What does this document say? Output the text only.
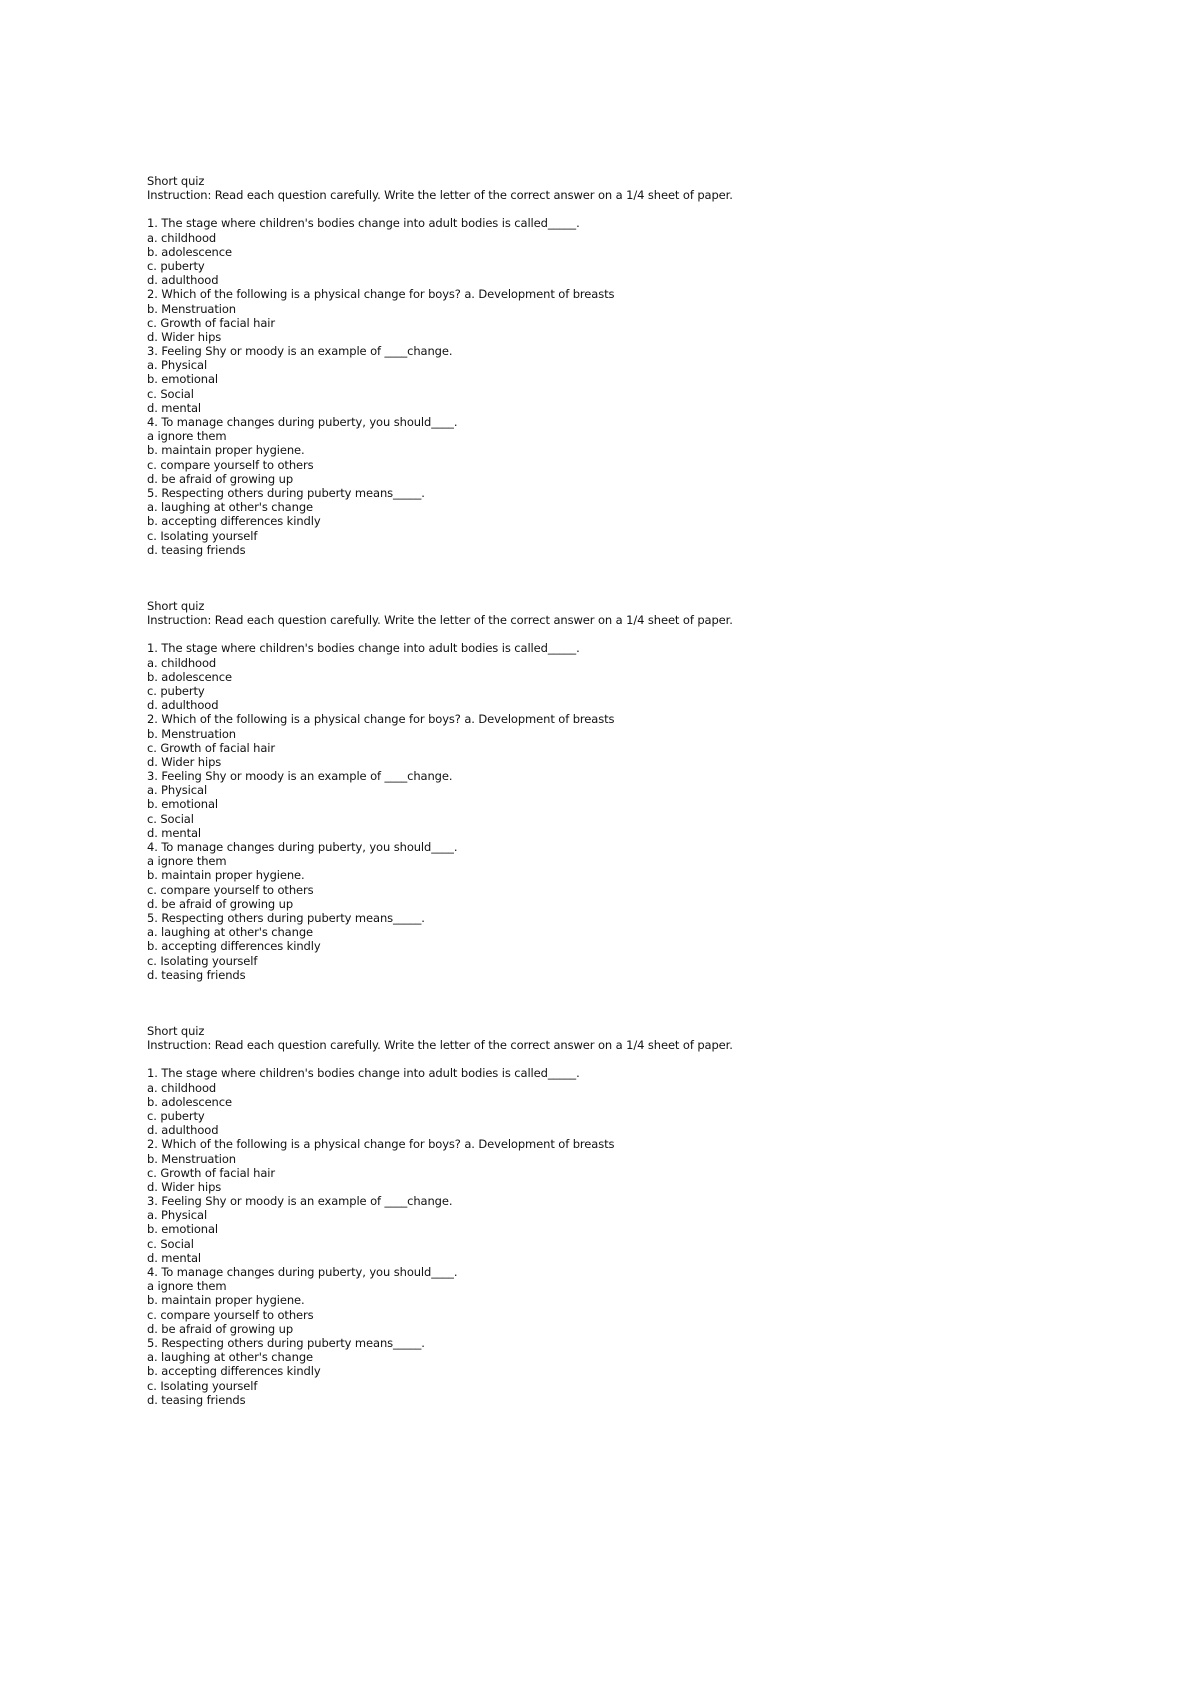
Short quiz
Instruction: Read each question carefully. Write the letter of the correct answer on a 1/4 sheet of paper.
1. The stage where children's bodies change into adult bodies is called_____.
a. childhood
b. adolescence
c. puberty
d. adulthood
2. Which of the following is a physical change for boys? a. Development of breasts
b. Menstruation
c. Growth of facial hair
d. Wider hips
3. Feeling Shy or moody is an example of ____change.
a. Physical
b. emotional
c. Social
d. mental
4. To manage changes during puberty, you should____.
a ignore them
b. maintain proper hygiene.
c. compare yourself to others
d. be afraid of growing up
5. Respecting others during puberty means_____.
a. laughing at other's change
b. accepting differences kindly
c. Isolating yourself
d. teasing friends
Short quiz
Instruction: Read each question carefully. Write the letter of the correct answer on a 1/4 sheet of paper.
1. The stage where children's bodies change into adult bodies is called_____.
a. childhood
b. adolescence
c. puberty
d. adulthood
2. Which of the following is a physical change for boys? a. Development of breasts
b. Menstruation
c. Growth of facial hair
d. Wider hips
3. Feeling Shy or moody is an example of ____change.
a. Physical
b. emotional
c. Social
d. mental
4. To manage changes during puberty, you should____.
a ignore them
b. maintain proper hygiene.
c. compare yourself to others
d. be afraid of growing up
5. Respecting others during puberty means_____.
a. laughing at other's change
b. accepting differences kindly
c. Isolating yourself
d. teasing friends
Short quiz
Instruction: Read each question carefully. Write the letter of the correct answer on a 1/4 sheet of paper.
1. The stage where children's bodies change into adult bodies is called_____.
a. childhood
b. adolescence
c. puberty
d. adulthood
2. Which of the following is a physical change for boys? a. Development of breasts
b. Menstruation
c. Growth of facial hair
d. Wider hips
3. Feeling Shy or moody is an example of ____change.
a. Physical
b. emotional
c. Social
d. mental
4. To manage changes during puberty, you should____.
a ignore them
b. maintain proper hygiene.
c. compare yourself to others
d. be afraid of growing up
5. Respecting others during puberty means_____.
a. laughing at other's change
b. accepting differences kindly
c. Isolating yourself
d. teasing friends
